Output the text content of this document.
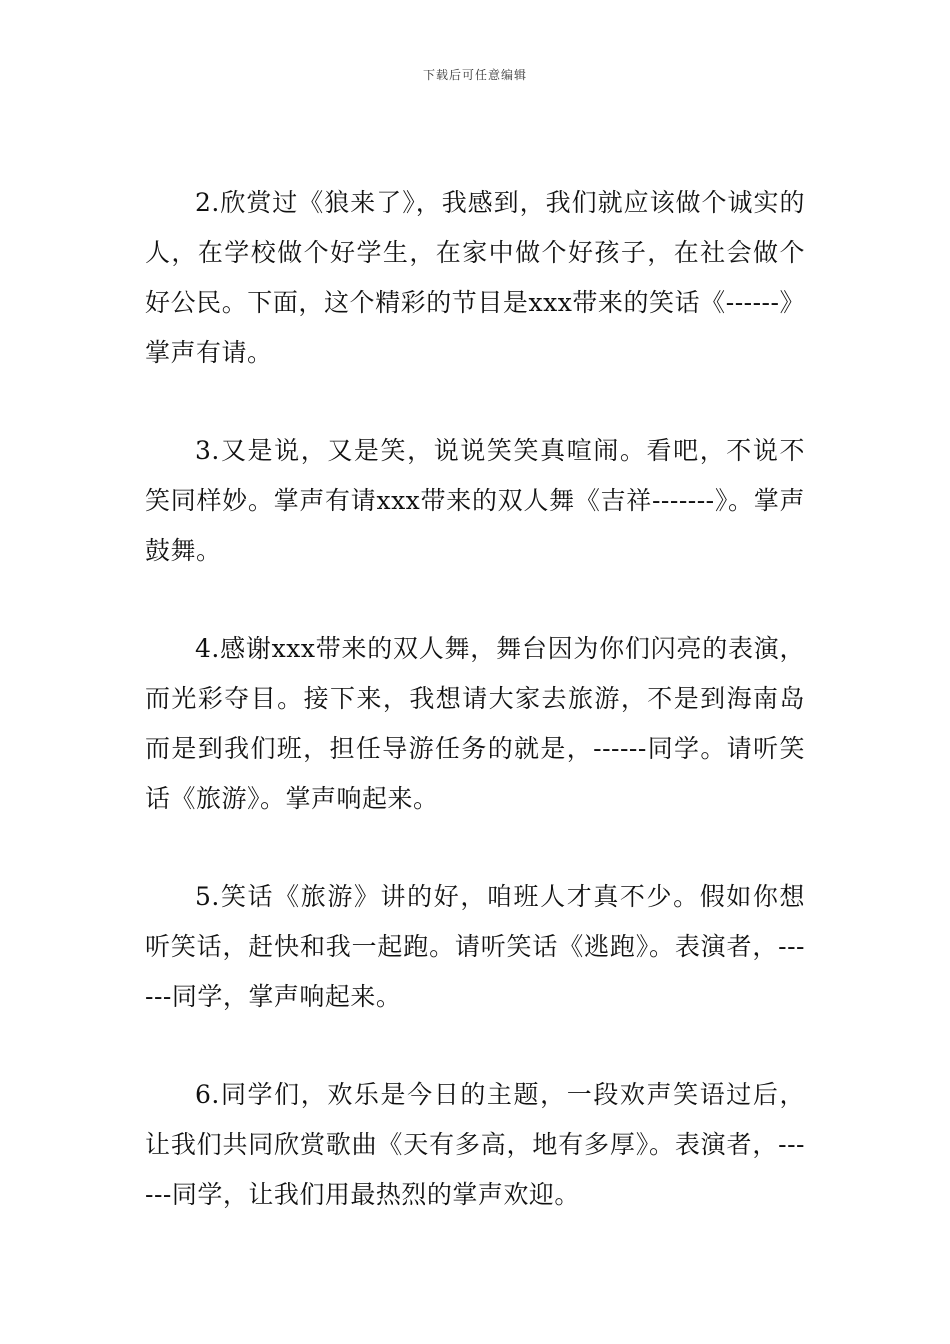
下载后可任意编辑

2.欣赏过《狼来了》，我感到，我们就应该做个诚实的人，在学校做个好学生，在家中做个好孩子，在社会做个好公民。下面，这个精彩的节目是xxx带来的笑话《------》掌声有请。

3.又是说，又是笑，说说笑笑真喧闹。看吧，不说不笑同样妙。掌声有请xxx带来的双人舞《吉祥-------》。掌声鼓舞。

4.感谢xxx带来的双人舞，舞台因为你们闪亮的表演，而光彩夺目。接下来，我想请大家去旅游，不是到海南岛而是到我们班，担任导游任务的就是，------同学。请听笑话《旅游》。掌声响起来。

5.笑话《旅游》讲的好，咱班人才真不少。假如你想听笑话，赶快和我一起跑。请听笑话《逃跑》。表演者，------同学，掌声响起来。

6.同学们，欢乐是今日的主题，一段欢声笑语过后，让我们共同欣赏歌曲《天有多高，地有多厚》。表演者，------同学，让我们用最热烈的掌声欢迎。
